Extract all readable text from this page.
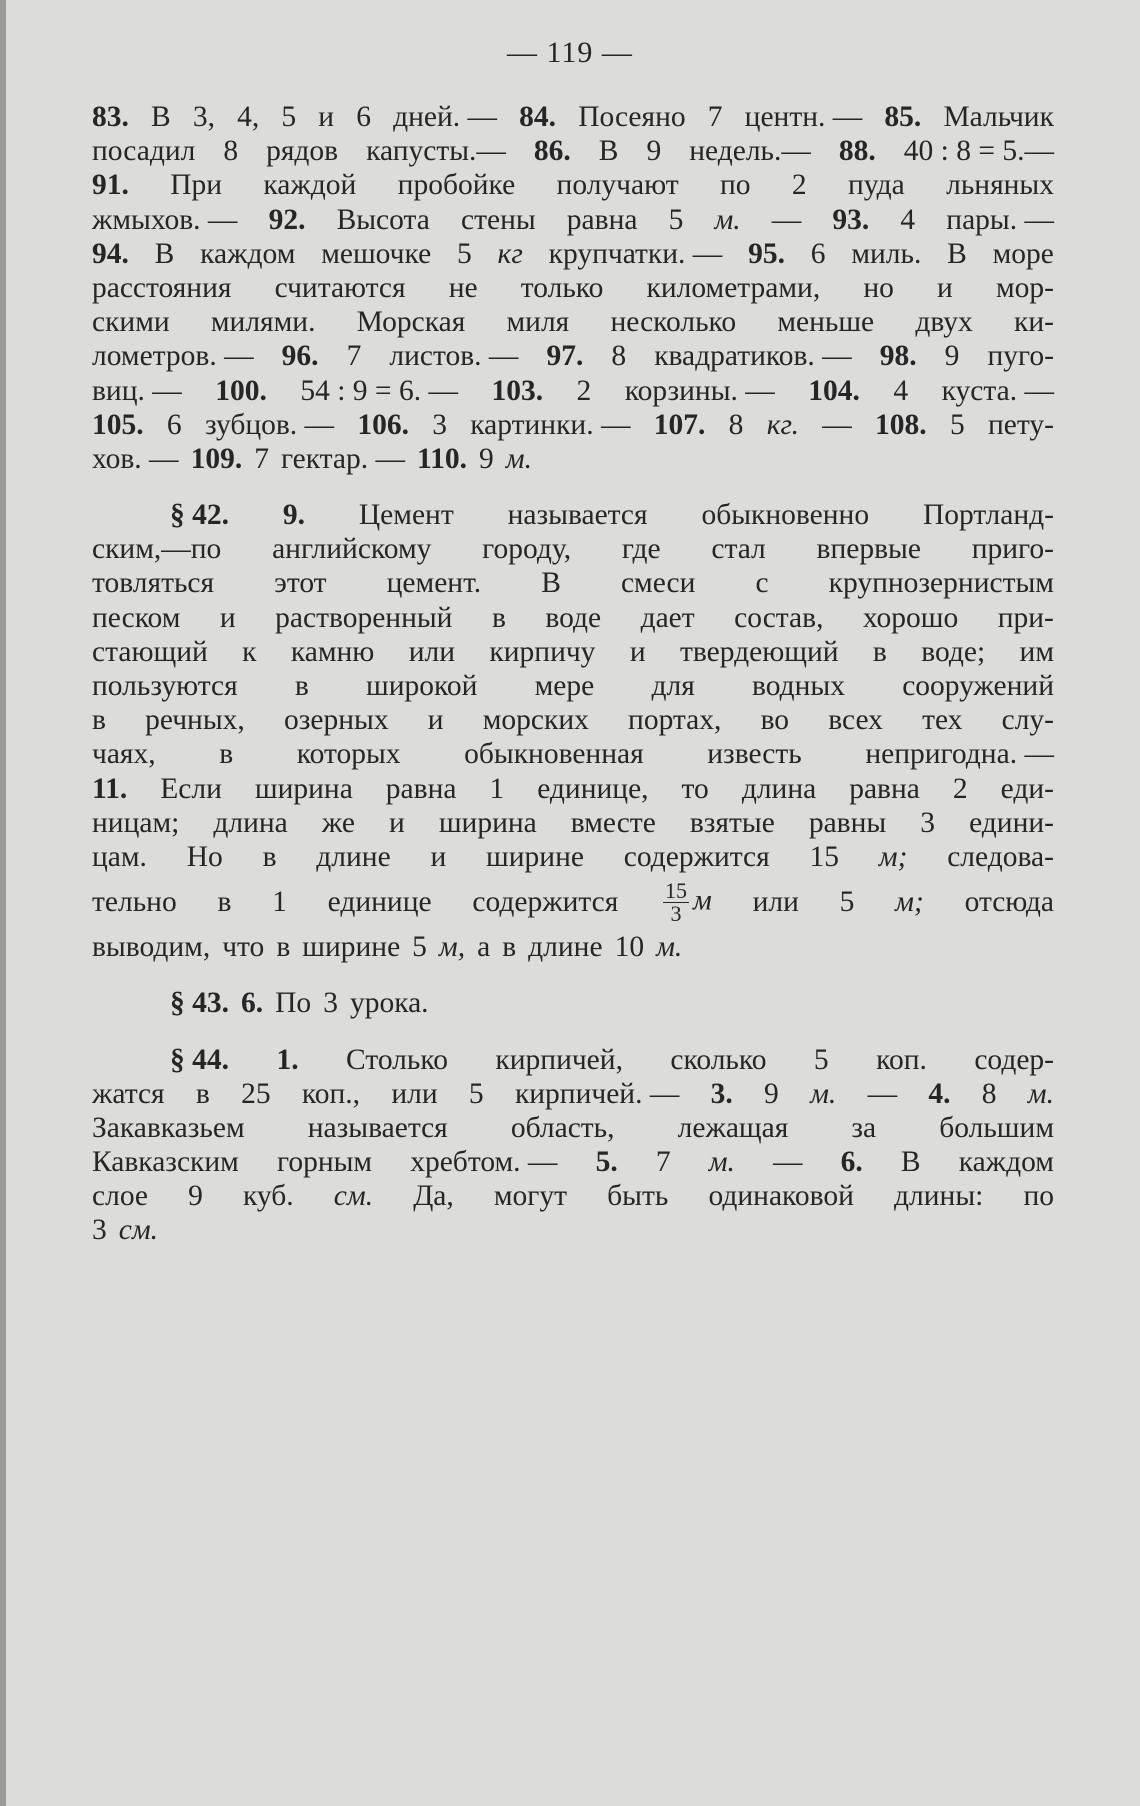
— 119 —
83. В 3, 4, 5 и 6 дней. — 84. Посеяно 7 центн. — 85. Мальчик
посадил 8 рядов капусты.— 86. В 9 недель.— 88. 40 : 8 = 5.—
91. При каждой пробойке получают по 2 пуда льняных
жмыхов. — 92. Высота стены равна 5 м. — 93. 4 пары. —
94. В каждом мешочке 5 кг крупчатки. — 95. 6 миль. В море
расстояния считаются не только километрами, но и мор-
скими милями. Морская миля несколько меньше двух ки-
лометров. — 96. 7 листов. — 97. 8 квадратиков. — 98. 9 пуго-
виц. — 100. 54 : 9 = 6. — 103. 2 корзины. — 104. 4 куста. —
105. 6 зубцов. — 106. 3 картинки. — 107. 8 кг. — 108. 5 пету-
хов. — 109. 7 гектар. — 110. 9 м.
§ 42. 9. Цемент называется обыкновенно Портланд-
ским,—по английскому городу, где стал впервые приго-
товляться этот цемент. В смеси с крупнозернистым
песком и растворенный в воде дает состав, хорошо при-
стающий к камню или кирпичу и твердеющий в воде; им
пользуются в широкой мере для водных сооружений
в речных, озерных и морских портах, во всех тех слу-
чаях, в которых обыкновенная известь непригодна. —
11. Если ширина равна 1 единице, то длина равна 2 еди-
ницам; длина же и ширина вместе взятые равны 3 едини-
цам. Но в длине и ширине содержится 15 м; следова-
тельно в 1 единице содержится $\frac{15}{3}$ м или 5 м; отсюда
выводим, что в ширине 5 м, а в длине 10 м.
§ 43. 6. По 3 урока.
§ 44. 1. Столько кирпичей, сколько 5 коп. содер-
жатся в 25 коп., или 5 кирпичей. — 3. 9 м. — 4. 8 м.
Закавказьем называется область, лежащая за большим
Кавказским горным хребтом. — 5. 7 м. — 6. В каждом
слое 9 куб. см. Да, могут быть одинаковой длины: по
3 см.
